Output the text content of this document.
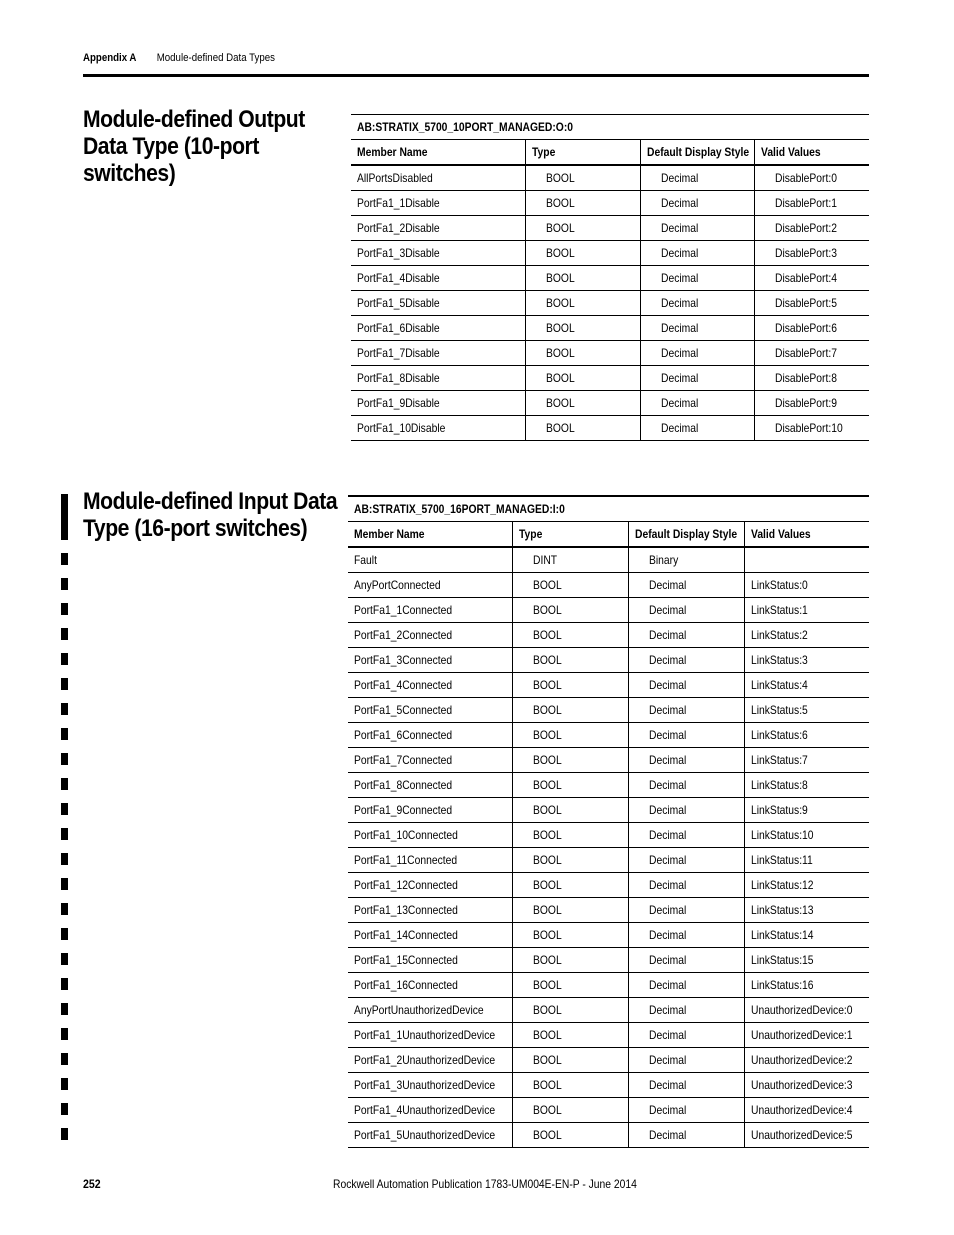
Appendix A Module-defined Data Types
Module-defined Output Data Type (10-port switches)
AB:STRATIX_5700_10PORT_MANAGED:O:0			
Member Name	Type	Default Display Style	Valid Values
AllPortsDisabled	BOOL	Decimal	DisablePort:0
PortFa1_1Disable	BOOL	Decimal	DisablePort:1
PortFa1_2Disable	BOOL	Decimal	DisablePort:2
PortFa1_3Disable	BOOL	Decimal	DisablePort:3
PortFa1_4Disable	BOOL	Decimal	DisablePort:4
PortFa1_5Disable	BOOL	Decimal	DisablePort:5
PortFa1_6Disable	BOOL	Decimal	DisablePort:6
PortFa1_7Disable	BOOL	Decimal	DisablePort:7
PortFa1_8Disable	BOOL	Decimal	DisablePort:8
PortFa1_9Disable	BOOL	Decimal	DisablePort:9
PortFa1_10Disable	BOOL	Decimal	DisablePort:10
Module-defined Input Data Type (16-port switches)
AB:STRATIX_5700_16PORT_MANAGED:I:0			
Member Name	Type	Default Display Style	Valid Values
Fault	DINT	Binary	
AnyPortConnected	BOOL	Decimal	LinkStatus:0
PortFa1_1Connected	BOOL	Decimal	LinkStatus:1
PortFa1_2Connected	BOOL	Decimal	LinkStatus:2
PortFa1_3Connected	BOOL	Decimal	LinkStatus:3
PortFa1_4Connected	BOOL	Decimal	LinkStatus:4
PortFa1_5Connected	BOOL	Decimal	LinkStatus:5
PortFa1_6Connected	BOOL	Decimal	LinkStatus:6
PortFa1_7Connected	BOOL	Decimal	LinkStatus:7
PortFa1_8Connected	BOOL	Decimal	LinkStatus:8
PortFa1_9Connected	BOOL	Decimal	LinkStatus:9
PortFa1_10Connected	BOOL	Decimal	LinkStatus:10
PortFa1_11Connected	BOOL	Decimal	LinkStatus:11
PortFa1_12Connected	BOOL	Decimal	LinkStatus:12
PortFa1_13Connected	BOOL	Decimal	LinkStatus:13
PortFa1_14Connected	BOOL	Decimal	LinkStatus:14
PortFa1_15Connected	BOOL	Decimal	LinkStatus:15
PortFa1_16Connected	BOOL	Decimal	LinkStatus:16
AnyPortUnauthorizedDevice	BOOL	Decimal	UnauthorizedDevice:0
PortFa1_1UnauthorizedDevice	BOOL	Decimal	UnauthorizedDevice:1
PortFa1_2UnauthorizedDevice	BOOL	Decimal	UnauthorizedDevice:2
PortFa1_3UnauthorizedDevice	BOOL	Decimal	UnauthorizedDevice:3
PortFa1_4UnauthorizedDevice	BOOL	Decimal	UnauthorizedDevice:4
PortFa1_5UnauthorizedDevice	BOOL	Decimal	UnauthorizedDevice:5
252	Rockwell Automation Publication 1783-UM004E-EN-P - June 2014
